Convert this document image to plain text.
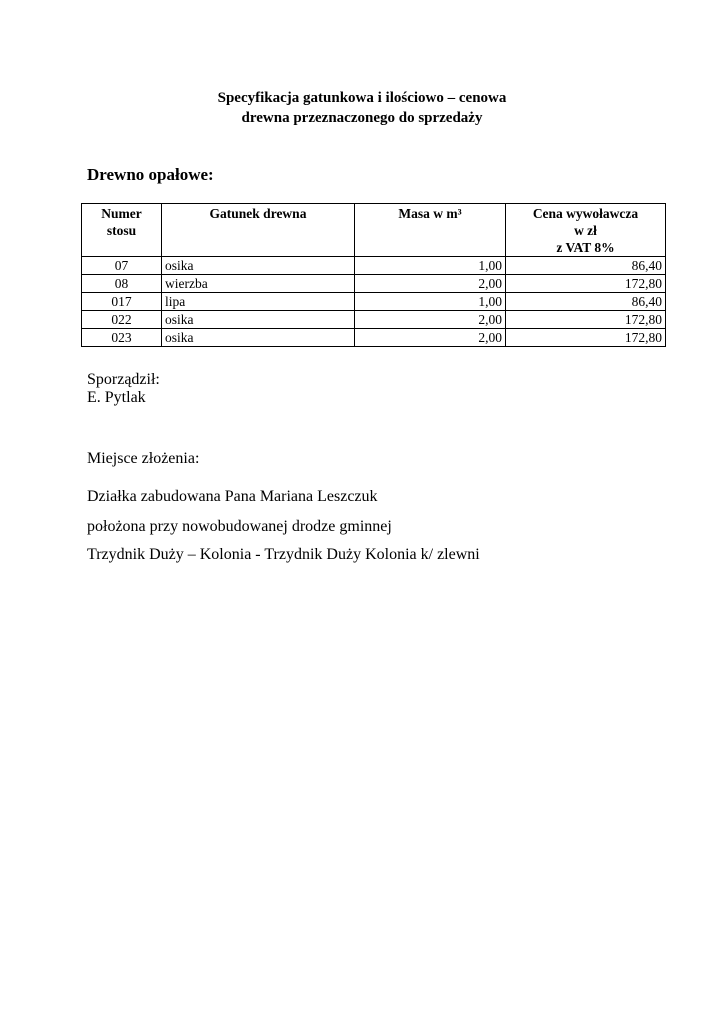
Specyfikacja gatunkowa i ilościowo – cenowa
drewna przeznaczonego do sprzedaży
Drewno opałowe:
Numer
stosu	Gatunek drewna	Masa w m³	Cena wywoławcza
w zł
z VAT 8%

07	osika	1,00	86,40
08	wierzba	2,00	172,80
017	lipa	1,00	86,40
022	osika	2,00	172,80
023	osika	2,00	172,80
Sporządził:
E. Pytlak
Miejsce złożenia:
Działka zabudowana Pana Mariana Leszczuk
położona przy nowobudowanej drodze gminnej
Trzydnik Duży – Kolonia - Trzydnik Duży Kolonia k/ zlewni
